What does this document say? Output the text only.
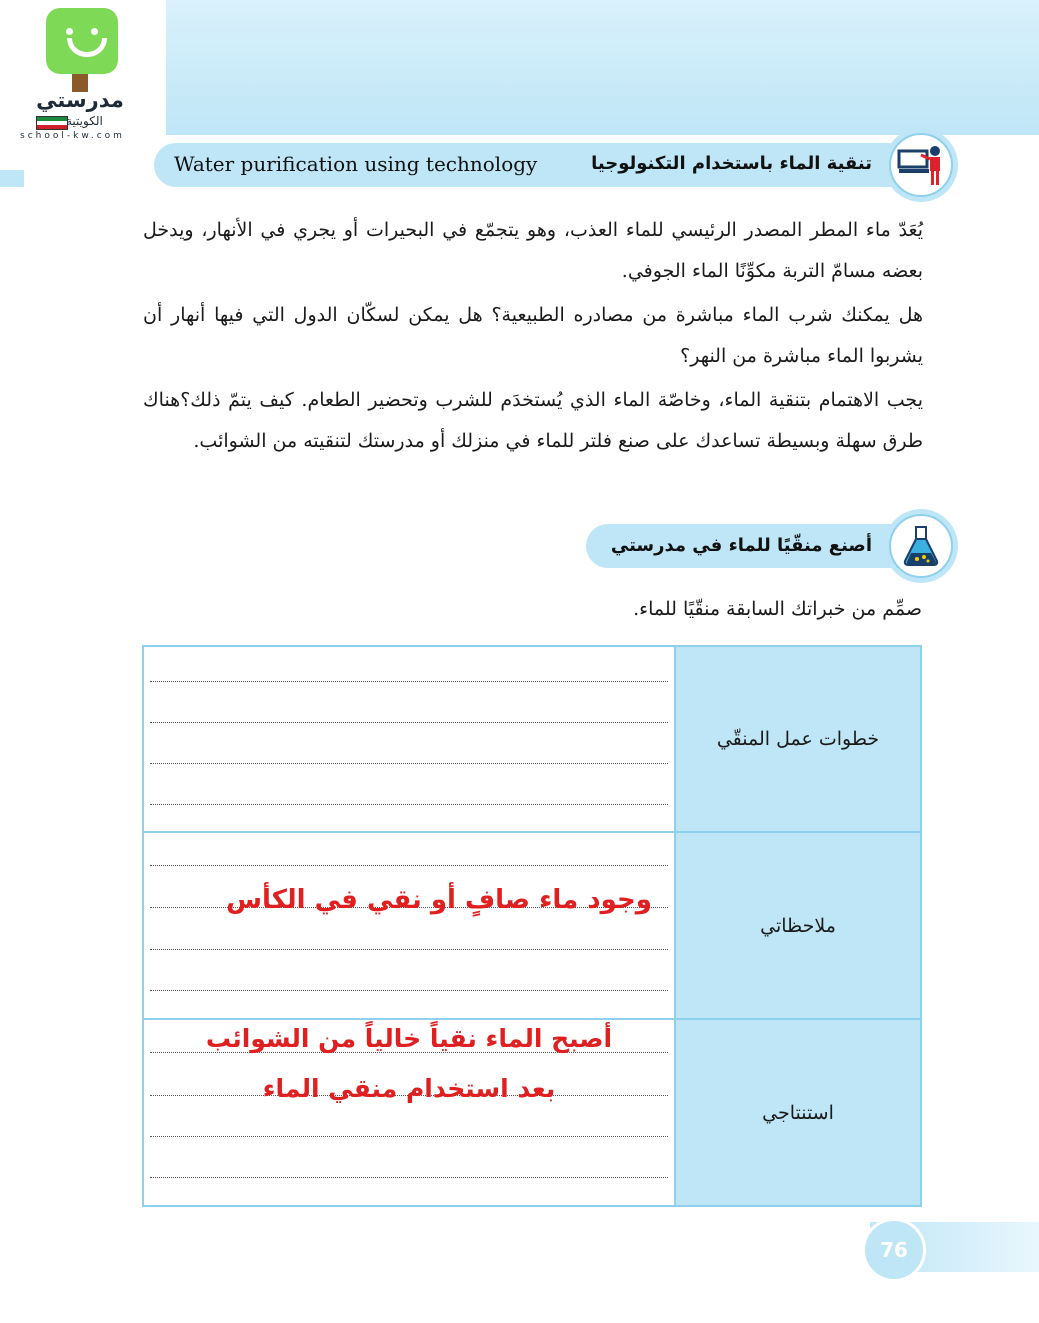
مدرستي
الكويتية
school-kw.com
Water purification using technology	تنقية الماء باستخدام التكنولوجيا

يُعَدّ ماء المطر المصدر الرئيسي للماء العذب، وهو يتجمّع في البحيرات أو يجري في الأنهار، ويدخل بعضه مسامّ التربة مكوِّنًا الماء الجوفي.

هل يمكنك شرب الماء مباشرة من مصادره الطبيعية؟ هل يمكن لسكّان الدول التي فيها أنهار أن يشربوا الماء مباشرة من النهر؟

يجب الاهتمام بتنقية الماء، وخاصّة الماء الذي يُستخدَم للشرب وتحضير الطعام. كيف يتمّ ذلك؟هناك طرق سهلة وبسيطة تساعدك على صنع فلتر للماء في منزلك أو مدرستك لتنقيته من الشوائب.

أصنع منقّيًا للماء في مدرستي
صمِّم من خبراتك السابقة منقّيًا للماء.
	خطوات عمل المنقّي

وجود ماء صافٍ أو نقي في الكأس	ملاحظاتي

أصبح الماء نقياً خالياً من الشوائب
بعد استخدام منقي الماء	استنتاجي
76
